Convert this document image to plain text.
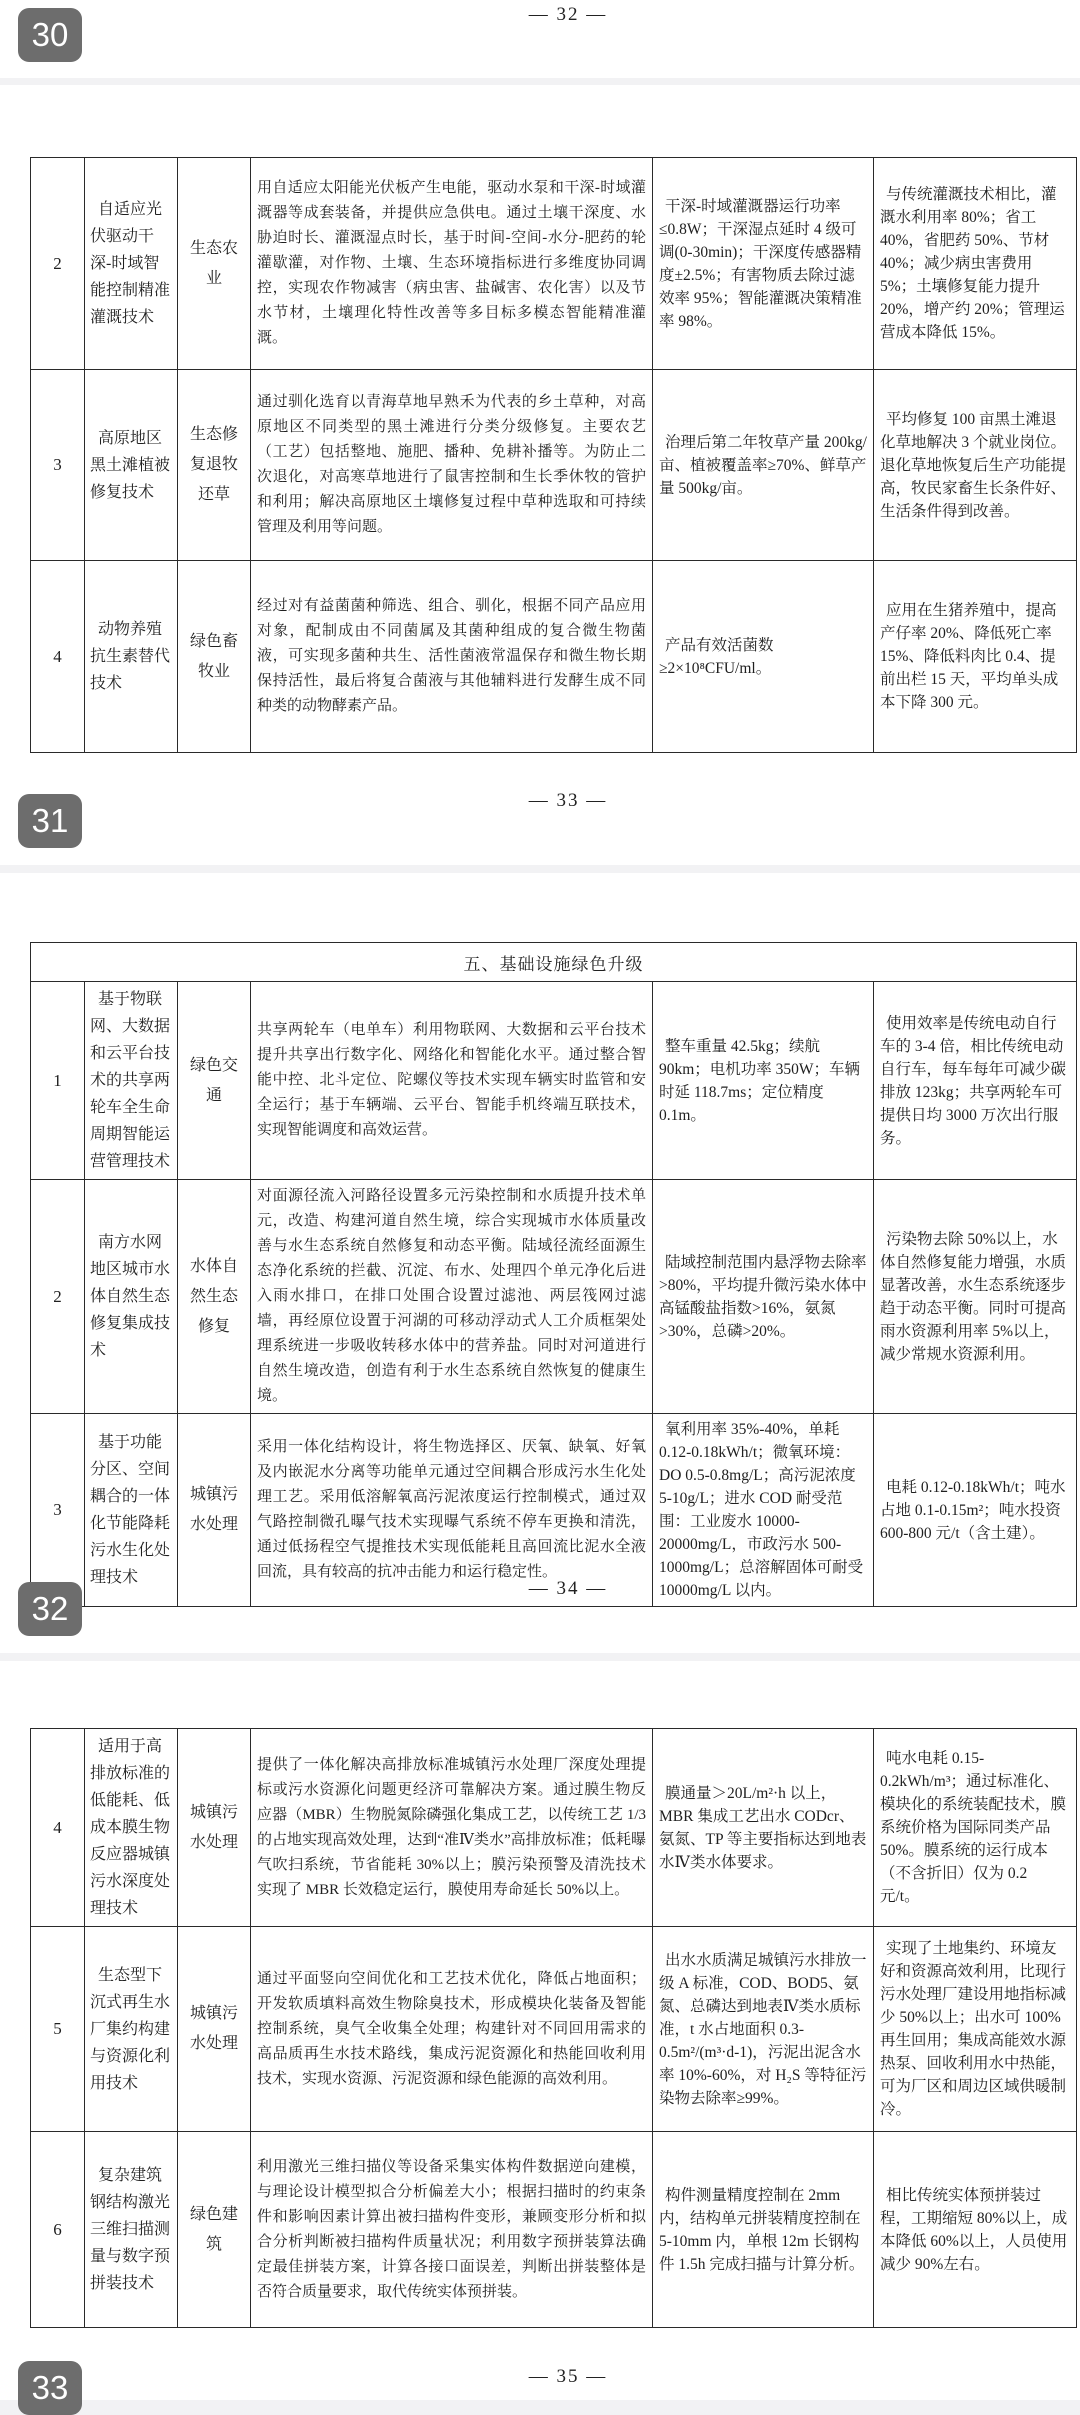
— 32 —
30
2	自适应光伏驱动干深-时域智能控制精准灌溉技术	生态农业	用自适应太阳能光伏板产生电能，驱动水泵和干深-时域灌溉器等成套装备，并提供应急供电。通过土壤干深度、水胁迫时长、灌溉湿点时长，基于时间-空间-水分-肥药的轮灌歇灌，对作物、土壤、生态环境指标进行多维度协同调控，实现农作物减害（病虫害、盐碱害、农化害）以及节水节材，土壤理化特性改善等多目标多模态智能精准灌溉。	干深-时域灌溉器运行功率≤0.8W；干深湿点延时 4 级可调(0-30min)；干深度传感器精度±2.5%；有害物质去除过滤效率 95%；智能灌溉决策精准率 98%。	与传统灌溉技术相比，灌溉水利用率 80%；省工 40%，省肥药 50%、节材 40%；减少病虫害费用 5%；土壤修复能力提升 20%，增产约 20%；管理运营成本降低 15%。
3	高原地区黑土滩植被修复技术	生态修复退牧还草	通过驯化选育以青海草地早熟禾为代表的乡土草种，对高原地区不同类型的黑土滩进行分类分级修复。主要农艺（工艺）包括整地、施肥、播种、免耕补播等。为防止二次退化，对高寒草地进行了鼠害控制和生长季休牧的管护和利用；解决高原地区土壤修复过程中草种选取和可持续管理及利用等问题。	治理后第二年牧草产量 200kg/亩、植被覆盖率≥70%、鲜草产量 500kg/亩。	平均修复 100 亩黑土滩退化草地解决 3 个就业岗位。退化草地恢复后生产功能提高，牧民家畜生长条件好、生活条件得到改善。
4	动物养殖抗生素替代技术	绿色畜牧业	经过对有益菌菌种筛选、组合、驯化，根据不同产品应用对象，配制成由不同菌属及其菌种组成的复合微生物菌液，可实现多菌种共生、活性菌液常温保存和微生物长期保持活性，最后将复合菌液与其他辅料进行发酵生成不同种类的动物酵素产品。	产品有效活菌数≥2×10⁸CFU/ml。	应用在生猪养殖中，提高产仔率 20%、降低死亡率 15%、降低料肉比 0.4、提前出栏 15 天，平均单头成本下降 300 元。
— 33 —
31
五、基础设施绿色升级					
1	基于物联网、大数据和云平台技术的共享两轮车全生命周期智能运营管理技术	绿色交通	共享两轮车（电单车）利用物联网、大数据和云平台技术提升共享出行数字化、网络化和智能化水平。通过整合智能中控、北斗定位、陀螺仪等技术实现车辆实时监管和安全运行；基于车辆端、云平台、智能手机终端互联技术，实现智能调度和高效运营。	整车重量 42.5kg；续航 90km；电机功率 350W；车辆时延 118.7ms；定位精度 0.1m。	使用效率是传统电动自行车的 3-4 倍，相比传统电动自行车，每车每年可减少碳排放 123kg；共享两轮车可提供日均 3000 万次出行服务。
2	南方水网地区城市水体自然生态修复集成技术	水体自然生态修复	对面源径流入河路径设置多元污染控制和水质提升技术单元，改造、构建河道自然生境，综合实现城市水体质量改善与水生态系统自然修复和动态平衡。陆域径流经面源生态净化系统的拦截、沉淀、布水、处理四个单元净化后进入雨水排口，在排口处围合设置过滤池、两层筏网过滤墙，再经原位设置于河湖的可移动浮动式人工介质框架处理系统进一步吸收转移水体中的营养盐。同时对河道进行自然生境改造，创造有利于水生态系统自然恢复的健康生境。	陆域控制范围内悬浮物去除率>80%，平均提升微污染水体中高锰酸盐指数>16%，氨氮>30%，总磷>20%。	污染物去除 50%以上，水体自然修复能力增强，水质显著改善，水生态系统逐步趋于动态平衡。同时可提高雨水资源利用率 5%以上，减少常规水资源利用。
3	基于功能分区、空间耦合的一体化节能降耗污水生化处理技术	城镇污水处理	采用一体化结构设计，将生物选择区、厌氧、缺氧、好氧及内嵌泥水分离等功能单元通过空间耦合形成污水生化处理工艺。采用低溶解氧高污泥浓度运行控制模式，通过双气路控制微孔曝气技术实现曝气系统不停车更换和清洗，通过低扬程空气提推技术实现低能耗且高回流比泥水全液回流，具有较高的抗冲击能力和运行稳定性。	氧利用率 35%-40%，单耗 0.12-0.18kWh/t；微氧环境：DO 0.5-0.8mg/L；高污泥浓度 5-10g/L；进水 COD 耐受范围：工业废水 10000-20000mg/L，市政污水 500-1000mg/L；总溶解固体可耐受 10000mg/L 以内。	电耗 0.12-0.18kWh/t；吨水占地 0.1-0.15m²；吨水投资 600-800 元/t（含土建）。
— 34 —
32
4	适用于高排放标准的低能耗、低成本膜生物反应器城镇污水深度处理技术	城镇污水处理	提供了一体化解决高排放标准城镇污水处理厂深度处理提标或污水资源化问题更经济可靠解决方案。通过膜生物反应器（MBR）生物脱氮除磷强化集成工艺，以传统工艺 1/3 的占地实现高效处理，达到“准Ⅳ类水”高排放标准；低耗曝气吹扫系统，节省能耗 30%以上；膜污染预警及清洗技术实现了 MBR 长效稳定运行，膜使用寿命延长 50%以上。	膜通量＞20L/m²·h 以上，MBR 集成工艺出水 CODcr、氨氮、TP 等主要指标达到地表水Ⅳ类水体要求。	吨水电耗 0.15-0.2kWh/m³；通过标准化、模块化的系统装配技术，膜系统价格为国际同类产品 50%。膜系统的运行成本（不含折旧）仅为 0.2 元/t。
5	生态型下沉式再生水厂集约构建与资源化利用技术	城镇污水处理	通过平面竖向空间优化和工艺技术优化，降低占地面积；开发软质填料高效生物除臭技术，形成模块化装备及智能控制系统，臭气全收集全处理；构建针对不同回用需求的高品质再生水技术路线，集成污泥资源化和热能回收利用技术，实现水资源、污泥资源和绿色能源的高效利用。	出水水质满足城镇污水排放一级 A 标准，COD、BOD5、氨氮、总磷达到地表Ⅳ类水质标准，t 水占地面积 0.3-0.5m²/(m³·d-1)，污泥出泥含水率 10%-60%，对 H₂S 等特征污染物去除率≥99%。	实现了土地集约、环境友好和资源高效利用，比现行污水处理厂建设用地指标减少 50%以上；出水可 100%再生回用；集成高能效水源热泵、回收利用水中热能，可为厂区和周边区域供暖制冷。
6	复杂建筑钢结构激光三维扫描测量与数字预拼装技术	绿色建筑	利用激光三维扫描仪等设备采集实体构件数据逆向建模，与理论设计模型拟合分析偏差大小；根据扫描时的约束条件和影响因素计算出被扫描构件变形，兼顾变形分析和拟合分析判断被扫描构件质量状况；利用数字预拼装算法确定最佳拼装方案，计算各接口面误差，判断出拼装整体是否符合质量要求，取代传统实体预拼装。	构件测量精度控制在 2mm 内，结构单元拼装精度控制在 5-10mm 内，单根 12m 长钢构件 1.5h 完成扫描与计算分析。	相比传统实体预拼装过程，工期缩短 80%以上，成本降低 60%以上，人员使用减少 90%左右。
— 35 —
33
